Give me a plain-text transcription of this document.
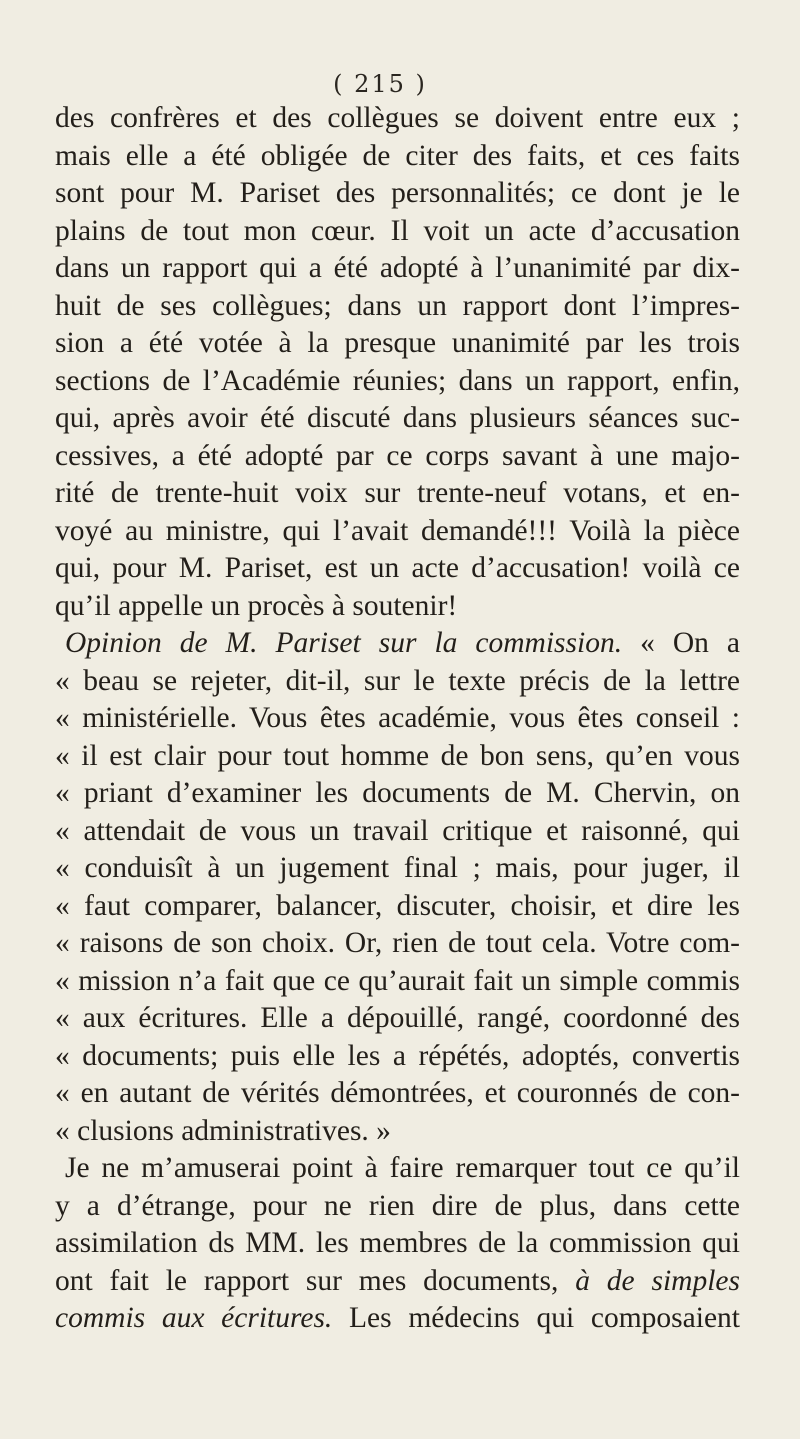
( 215 )
des confrères et des collègues se doivent entre eux ;
mais elle a été obligée de citer des faits, et ces faits
sont pour M. Pariset des personnalités; ce dont je le
plains de tout mon cœur. Il voit un acte d’accusation
dans un rapport qui a été adopté à l’unanimité par dix-
huit de ses collègues; dans un rapport dont l’impres-
sion a été votée à la presque unanimité par les trois
sections de l’Académie réunies; dans un rapport, enfin,
qui, après avoir été discuté dans plusieurs séances suc-
cessives, a été adopté par ce corps savant à une majo-
rité de trente-huit voix sur trente-neuf votans, et en-
voyé au ministre, qui l’avait demandé!!! Voilà la pièce
qui, pour M. Pariset, est un acte d’accusation! voilà ce
qu’il appelle un procès à soutenir!
Opinion de M. Pariset sur la commission. « On a
« beau se rejeter, dit-il, sur le texte précis de la lettre
« ministérielle. Vous êtes académie, vous êtes conseil :
« il est clair pour tout homme de bon sens, qu’en vous
« priant d’examiner les documents de M. Chervin, on
« attendait de vous un travail critique et raisonné, qui
« conduisît à un jugement final ; mais, pour juger, il
« faut comparer, balancer, discuter, choisir, et dire les
« raisons de son choix. Or, rien de tout cela. Votre com-
« mission n’a fait que ce qu’aurait fait un simple commis
« aux écritures. Elle a dépouillé, rangé, coordonné des
« documents; puis elle les a répétés, adoptés, convertis
« en autant de vérités démontrées, et couronnés de con-
« clusions administratives. »
Je ne m’amuserai point à faire remarquer tout ce qu’il
y a d’étrange, pour ne rien dire de plus, dans cette
assimilation ds MM. les membres de la commission qui
ont fait le rapport sur mes documents, à de simples
commis aux écritures. Les médecins qui composaient
